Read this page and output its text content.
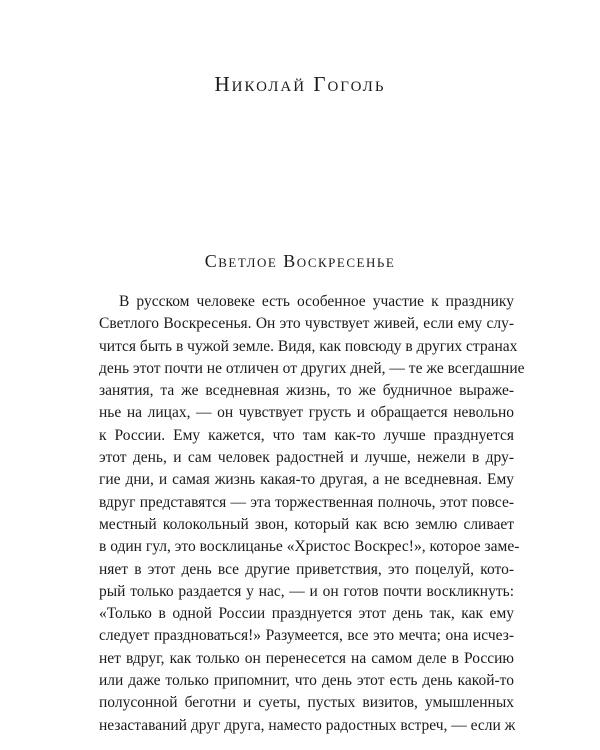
Николай Гоголь
Светлое Воскресенье
В русском человеке есть особенное участие к празднику
Светлого Воскресенья. Он это чувствует живей, если ему слу-
чится быть в чужой земле. Видя, как повсюду в других странах
день этот почти не отличен от других дней, — те же всегдашние
занятия, та же вседневная жизнь, то же будничное выраже-
нье на лицах, — он чувствует грусть и обращается невольно
к России. Ему кажется, что там как-то лучше празднуется
этот день, и сам человек радостней и лучше, нежели в дру-
гие дни, и самая жизнь какая-то другая, а не вседневная. Ему
вдруг представятся — эта торжественная полночь, этот повсе-
местный колокольный звон, который как всю землю сливает
в один гул, это восклицанье «Христос Воскрес!», которое заме-
няет в этот день все другие приветствия, это поцелуй, кото-
рый только раздается у нас, — и он готов почти воскликнуть:
«Только в одной России празднуется этот день так, как ему
следует праздноваться!» Разумеется, все это мечта; она исчез-
нет вдруг, как только он перенесется на самом деле в Россию
или даже только припомнит, что день этот есть день какой-то
полусонной беготни и суеты, пустых визитов, умышленных
незаставаний друг друга, наместо радостных встреч, — если ж
